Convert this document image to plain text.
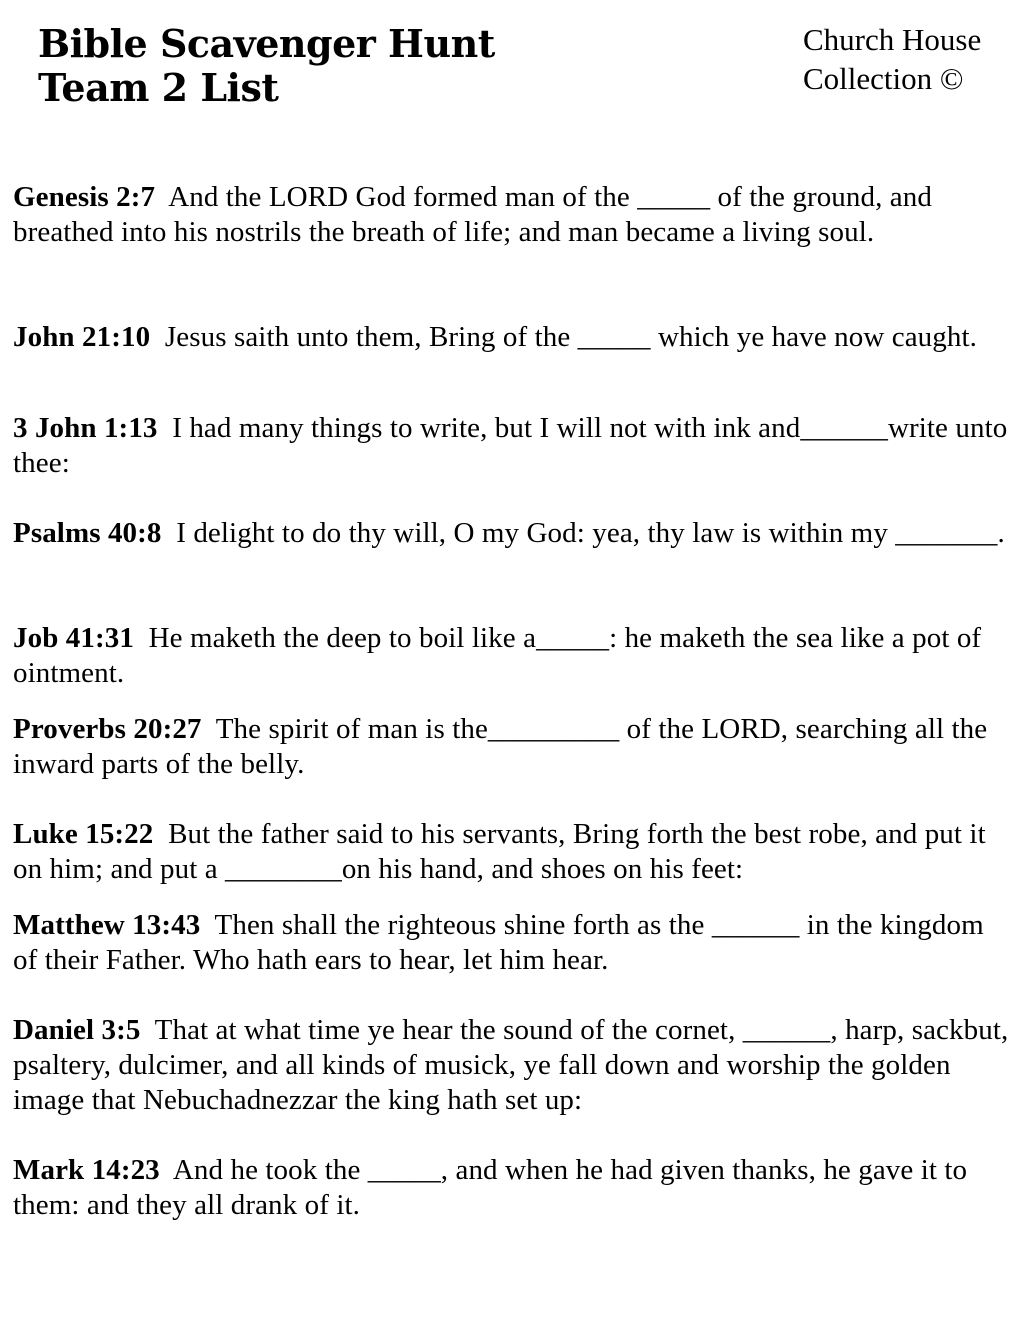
Bible Scavenger Hunt
Team 2 List
Church House
Collection ©

Genesis 2:7 And the LORD God formed man of the _____ of the ground, and breathed into his nostrils the breath of life; and man became a living soul.

John 21:10 Jesus saith unto them, Bring of the _____ which ye have now caught.

3 John 1:13 I had many things to write, but I will not with ink and______write unto thee:

Psalms 40:8 I delight to do thy will, O my God: yea, thy law is within my _______.

Job 41:31 He maketh the deep to boil like a_____: he maketh the sea like a pot of ointment.

Proverbs 20:27 The spirit of man is the_________ of the LORD, searching all the inward parts of the belly.

Luke 15:22 But the father said to his servants, Bring forth the best robe, and put it on him; and put a ________on his hand, and shoes on his feet:

Matthew 13:43 Then shall the righteous shine forth as the ______ in the kingdom of their Father. Who hath ears to hear, let him hear.

Daniel 3:5 That at what time ye hear the sound of the cornet, ______, harp, sackbut, psaltery, dulcimer, and all kinds of musick, ye fall down and worship the golden image that Nebuchadnezzar the king hath set up:

Mark 14:23 And he took the _____, and when he had given thanks, he gave it to them: and they all drank of it.
